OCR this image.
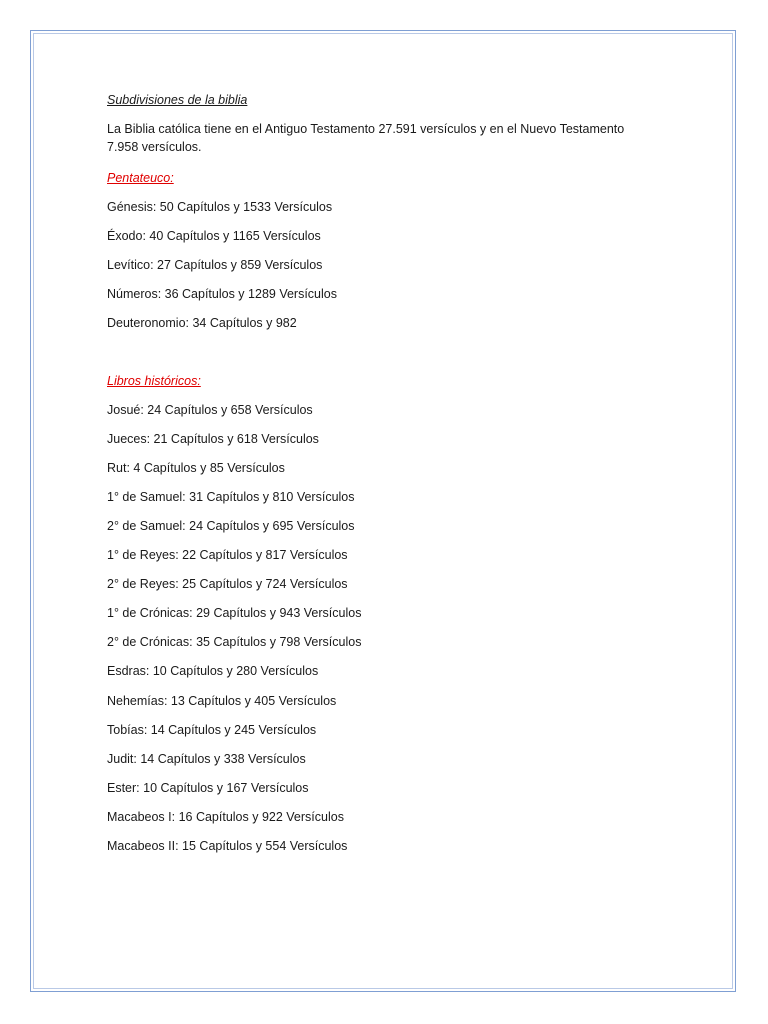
Subdivisiones de la biblia
La Biblia católica tiene en el Antiguo Testamento 27.591 versículos y en el Nuevo Testamento 7.958 versículos.
Pentateuco:
Génesis: 50 Capítulos y 1533 Versículos
Éxodo: 40 Capítulos y 1165 Versículos
Levítico: 27 Capítulos y 859 Versículos
Números: 36 Capítulos y 1289 Versículos
Deuteronomio: 34 Capítulos y 982
Libros históricos:
Josué: 24 Capítulos y 658 Versículos
Jueces: 21 Capítulos y 618 Versículos
Rut: 4 Capítulos y 85 Versículos
1° de Samuel: 31 Capítulos y 810 Versículos
2° de Samuel: 24 Capítulos y 695 Versículos
1° de Reyes: 22 Capítulos y 817 Versículos
2° de Reyes: 25 Capítulos y 724 Versículos
1° de Crónicas: 29 Capítulos y 943 Versículos
2° de Crónicas: 35 Capítulos y 798 Versículos
Esdras: 10 Capítulos y 280 Versículos
Nehemías: 13 Capítulos y 405 Versículos
Tobías: 14 Capítulos y 245 Versículos
Judit: 14 Capítulos y 338 Versículos
Ester: 10 Capítulos y 167 Versículos
Macabeos I: 16 Capítulos y 922 Versículos
Macabeos II: 15 Capítulos y 554 Versículos
